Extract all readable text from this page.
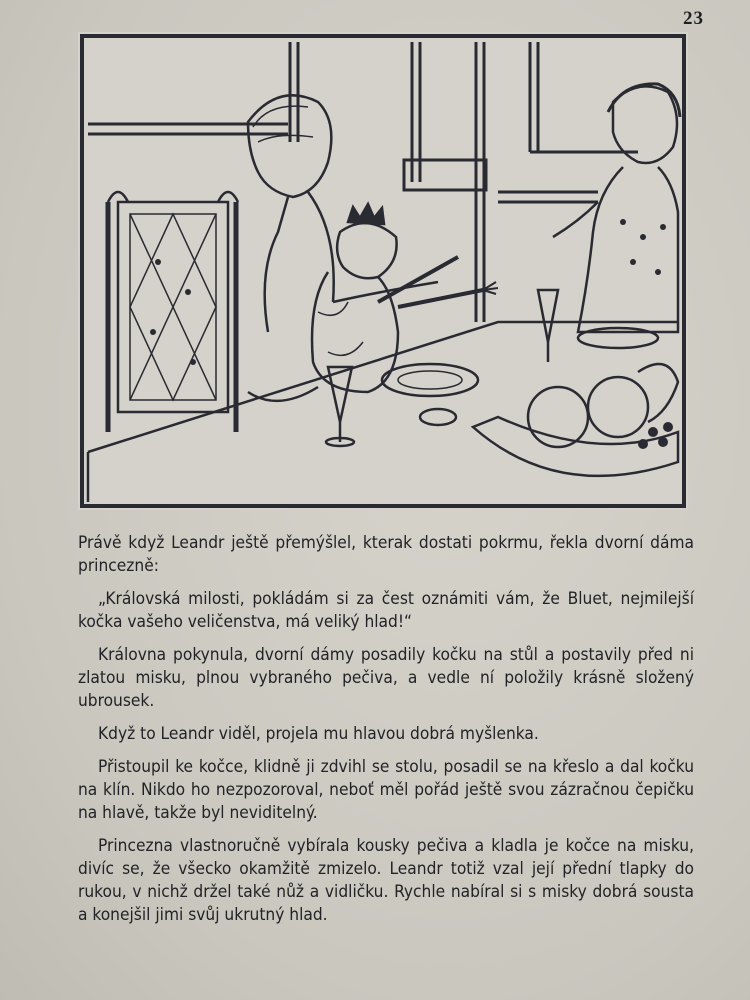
23

Právě když Leandr ještě přemýšlel, kterak dostati pokrmu, řekla dvorní dáma princezně:

„Královská milosti, pokládám si za čest oznámiti vám, že Bluet, nejmilejší kočka vašeho veličenstva, má veliký hlad!“

Královna pokynula, dvorní dámy posadily kočku na stůl a postavily před ni zlatou misku, plnou vybraného pečiva, a vedle ní položily krásně složený ubrousek.

Když to Leandr viděl, projela mu hlavou dobrá myšlenka.

Přistoupil ke kočce, klidně ji zdvihl se stolu, posadil se na křeslo a dal kočku na klín. Nikdo ho nezpozoroval, neboť měl pořád ještě svou zázračnou čepičku na hlavě, takže byl neviditelný.

Princezna vlastnoručně vybírala kousky pečiva a kladla je kočce na misku, divíc se, že všecko okamžitě zmizelo. Leandr totiž vzal její přední tlapky do rukou, v nichž držel také nůž a vidličku. Rychle nabíral si s misky dobrá sousta a konejšil jimi svůj ukrutný hlad.
